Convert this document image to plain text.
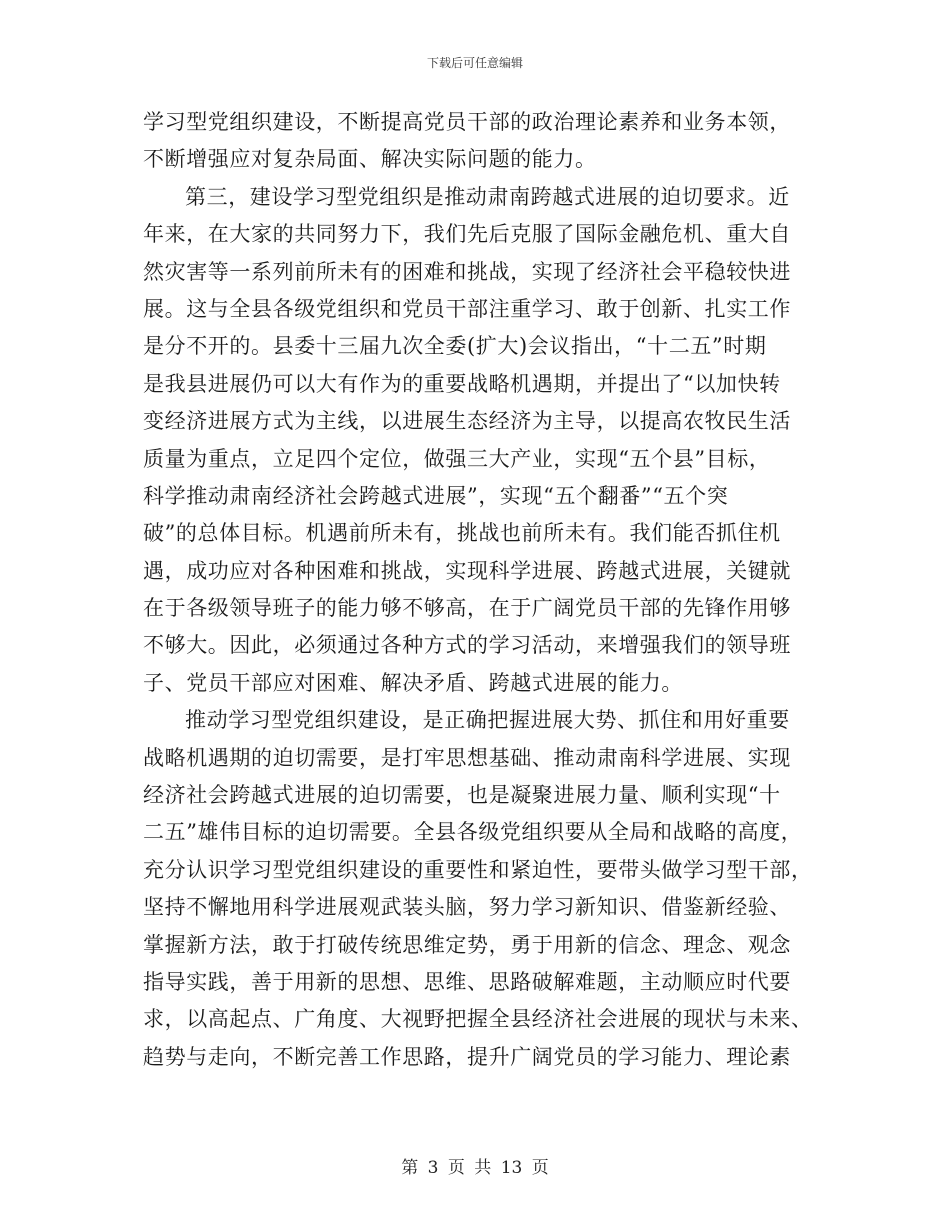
下载后可任意编辑
学习型党组织建设，不断提高党员干部的政治理论素养和业务本领，
不断增强应对复杂局面、解决实际问题的能力。
第三，建设学习型党组织是推动肃南跨越式进展的迫切要求。近
年来，在大家的共同努力下，我们先后克服了国际金融危机、重大自
然灾害等一系列前所未有的困难和挑战，实现了经济社会平稳较快进
展。这与全县各级党组织和党员干部注重学习、敢于创新、扎实工作
是分不开的。县委十三届九次全委(扩大)会议指出，“十二五”时期
是我县进展仍可以大有作为的重要战略机遇期，并提出了“以加快转
变经济进展方式为主线，以进展生态经济为主导，以提高农牧民生活
质量为重点，立足四个定位，做强三大产业，实现“五个县”目标，
科学推动肃南经济社会跨越式进展”，实现“五个翻番”“五个突
破”的总体目标。机遇前所未有，挑战也前所未有。我们能否抓住机
遇，成功应对各种困难和挑战，实现科学进展、跨越式进展，关键就
在于各级领导班子的能力够不够高，在于广阔党员干部的先锋作用够
不够大。因此，必须通过各种方式的学习活动，来增强我们的领导班
子、党员干部应对困难、解决矛盾、跨越式进展的能力。
推动学习型党组织建设，是正确把握进展大势、抓住和用好重要
战略机遇期的迫切需要，是打牢思想基础、推动肃南科学进展、实现
经济社会跨越式进展的迫切需要，也是凝聚进展力量、顺利实现“十
二五”雄伟目标的迫切需要。全县各级党组织要从全局和战略的高度，
充分认识学习型党组织建设的重要性和紧迫性，要带头做学习型干部，
坚持不懈地用科学进展观武装头脑，努力学习新知识、借鉴新经验、
掌握新方法，敢于打破传统思维定势，勇于用新的信念、理念、观念
指导实践，善于用新的思想、思维、思路破解难题，主动顺应时代要
求，以高起点、广角度、大视野把握全县经济社会进展的现状与未来、
趋势与走向，不断完善工作思路，提升广阔党员的学习能力、理论素
第 3 页 共 13 页
